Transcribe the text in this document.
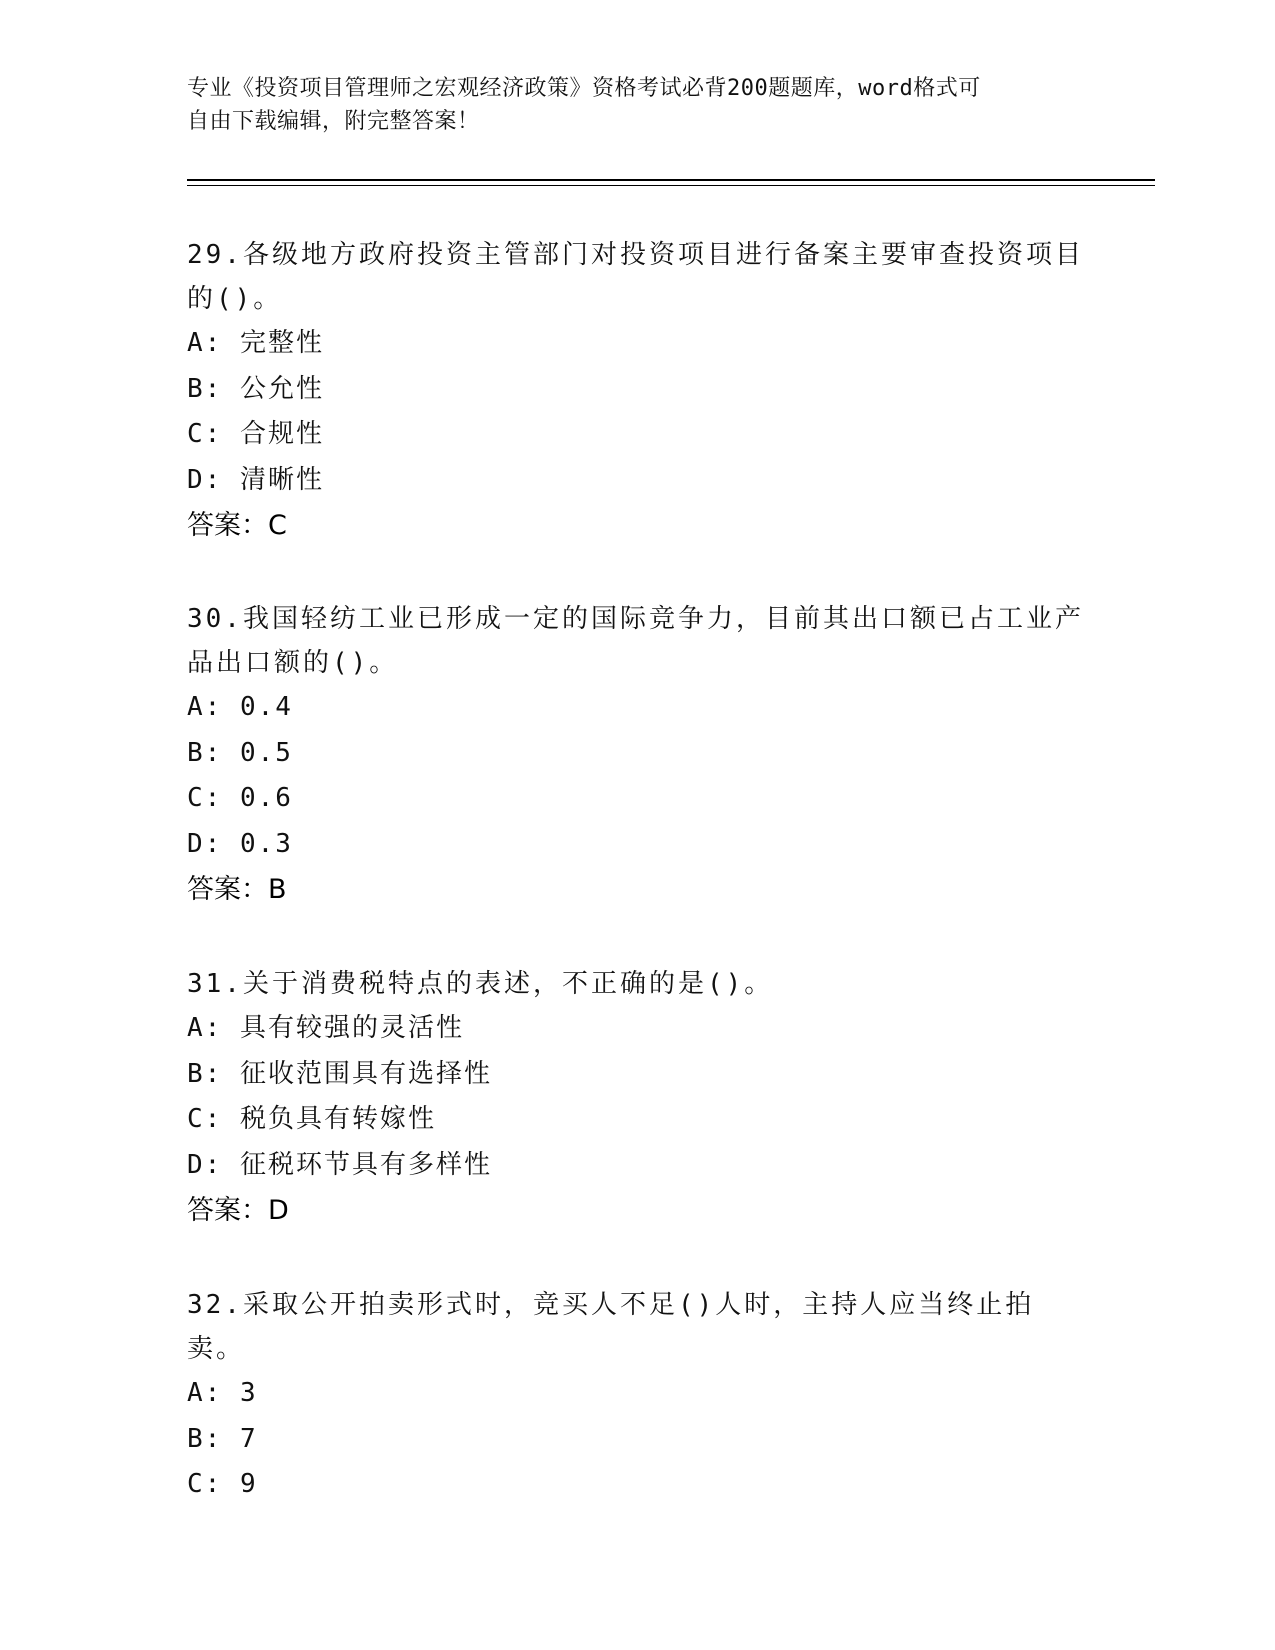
专业《投资项目管理师之宏观经济政策》资格考试必背200题题库，word格式可
自由下载编辑，附完整答案！

29.各级地方政府投资主管部门对投资项目进行备案主要审查投资项目

的()。

A: 完整性

B: 公允性

C: 合规性

D: 清晰性

答案：C

30.我国轻纺工业已形成一定的国际竞争力，目前其出口额已占工业产

品出口额的()。

A: 0.4

B: 0.5

C: 0.6

D: 0.3

答案：B

31.关于消费税特点的表述，不正确的是()。

A: 具有较强的灵活性

B: 征收范围具有选择性

C: 税负具有转嫁性

D: 征税环节具有多样性

答案：D

32.采取公开拍卖形式时，竞买人不足()人时，主持人应当终止拍卖。

A: 3

B: 7

C: 9
